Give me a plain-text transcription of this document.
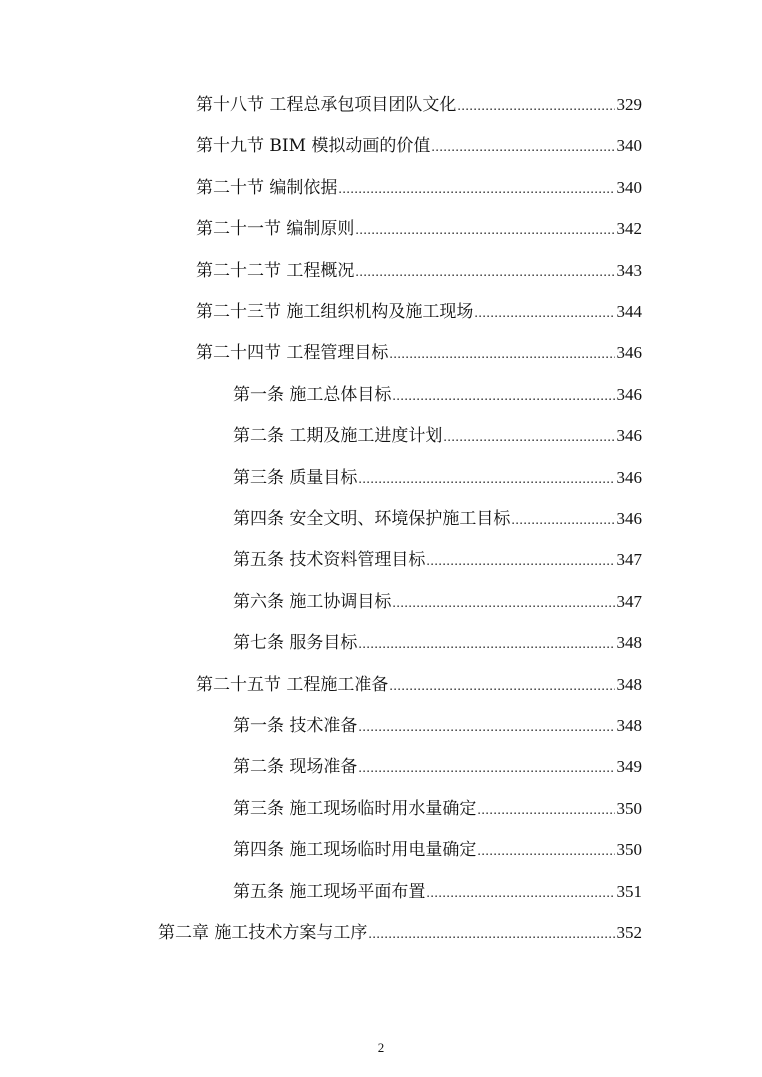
第十八节 工程总承包项目团队文化 .....	329
第十九节 BIM 模拟动画的价值 .....	340
第二十节 编制依据 .....	340
第二十一节 编制原则 .....	342
第二十二节 工程概况 .....	343
第二十三节 施工组织机构及施工现场 .....	344
第二十四节 工程管理目标 .....	346
第一条 施工总体目标 .....	346
第二条 工期及施工进度计划 .....	346
第三条 质量目标 .....	346
第四条 安全文明、环境保护施工目标 .....	346
第五条 技术资料管理目标 .....	347
第六条 施工协调目标 .....	347
第七条 服务目标 .....	348
第二十五节 工程施工准备 .....	348
第一条 技术准备 .....	348
第二条 现场准备 .....	349
第三条 施工现场临时用水量确定 .....	350
第四条 施工现场临时用电量确定 .....	350
第五条 施工现场平面布置 .....	351
第二章 施工技术方案与工序 .....	352
2
